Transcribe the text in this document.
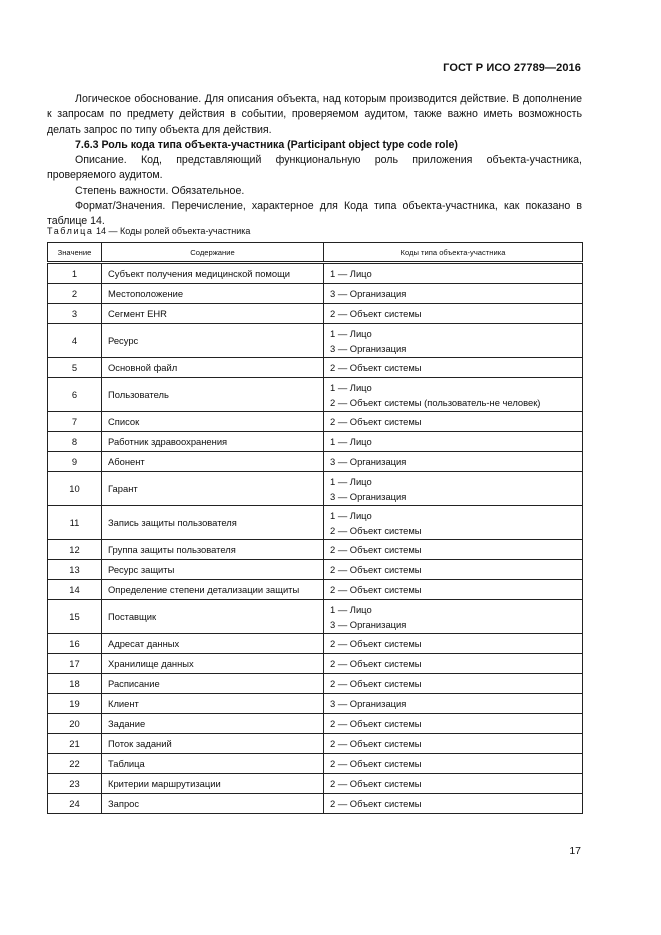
ГОСТ Р ИСО 27789—2016

Логическое обоснование. Для описания объекта, над которым производится действие. В дополнение к запросам по предмету действия в событии, проверяемом аудитом, также важно иметь возможность делать запрос по типу объекта для действия.

7.6.3 Роль кода типа объекта-участника (Participant object type code role)

Описание. Код, представляющий функциональную роль приложения объекта-участника, проверяемого аудитом.

Степень важности. Обязательное.

Формат/Значения. Перечисление, характерное для Кода типа объекта-участника, как показано в таблице 14.

Таблица 14 — Коды ролей объекта-участника
Значение	Содержание	Коды типа объекта-участника

1	Субъект получения медицинской помощи	1 — Лицо

2	Местоположение	3 — Организация

3	Сегмент EHR	2 — Объект системы

4	Ресурс	1 — Лицо
3 — Организация

5	Основной файл	2 — Объект системы

6	Пользователь	1 — Лицо
2 — Объект системы (пользователь-не человек)

7	Список	2 — Объект системы

8	Работник здравоохранения	1 — Лицо

9	Абонент	3 — Организация

10	Гарант	1 — Лицо
3 — Организация

11	Запись защиты пользователя	1 — Лицо
2 — Объект системы

12	Группа защиты пользователя	2 — Объект системы

13	Ресурс защиты	2 — Объект системы

14	Определение степени детализации защиты	2 — Объект системы

15	Поставщик	1 — Лицо
3 — Организация

16	Адресат данных	2 — Объект системы

17	Хранилище данных	2 — Объект системы

18	Расписание	2 — Объект системы

19	Клиент	3 — Организация

20	Задание	2 — Объект системы

21	Поток заданий	2 — Объект системы

22	Таблица	2 — Объект системы

23	Критерии маршрутизации	2 — Объект системы

24	Запрос	2 — Объект системы
17
